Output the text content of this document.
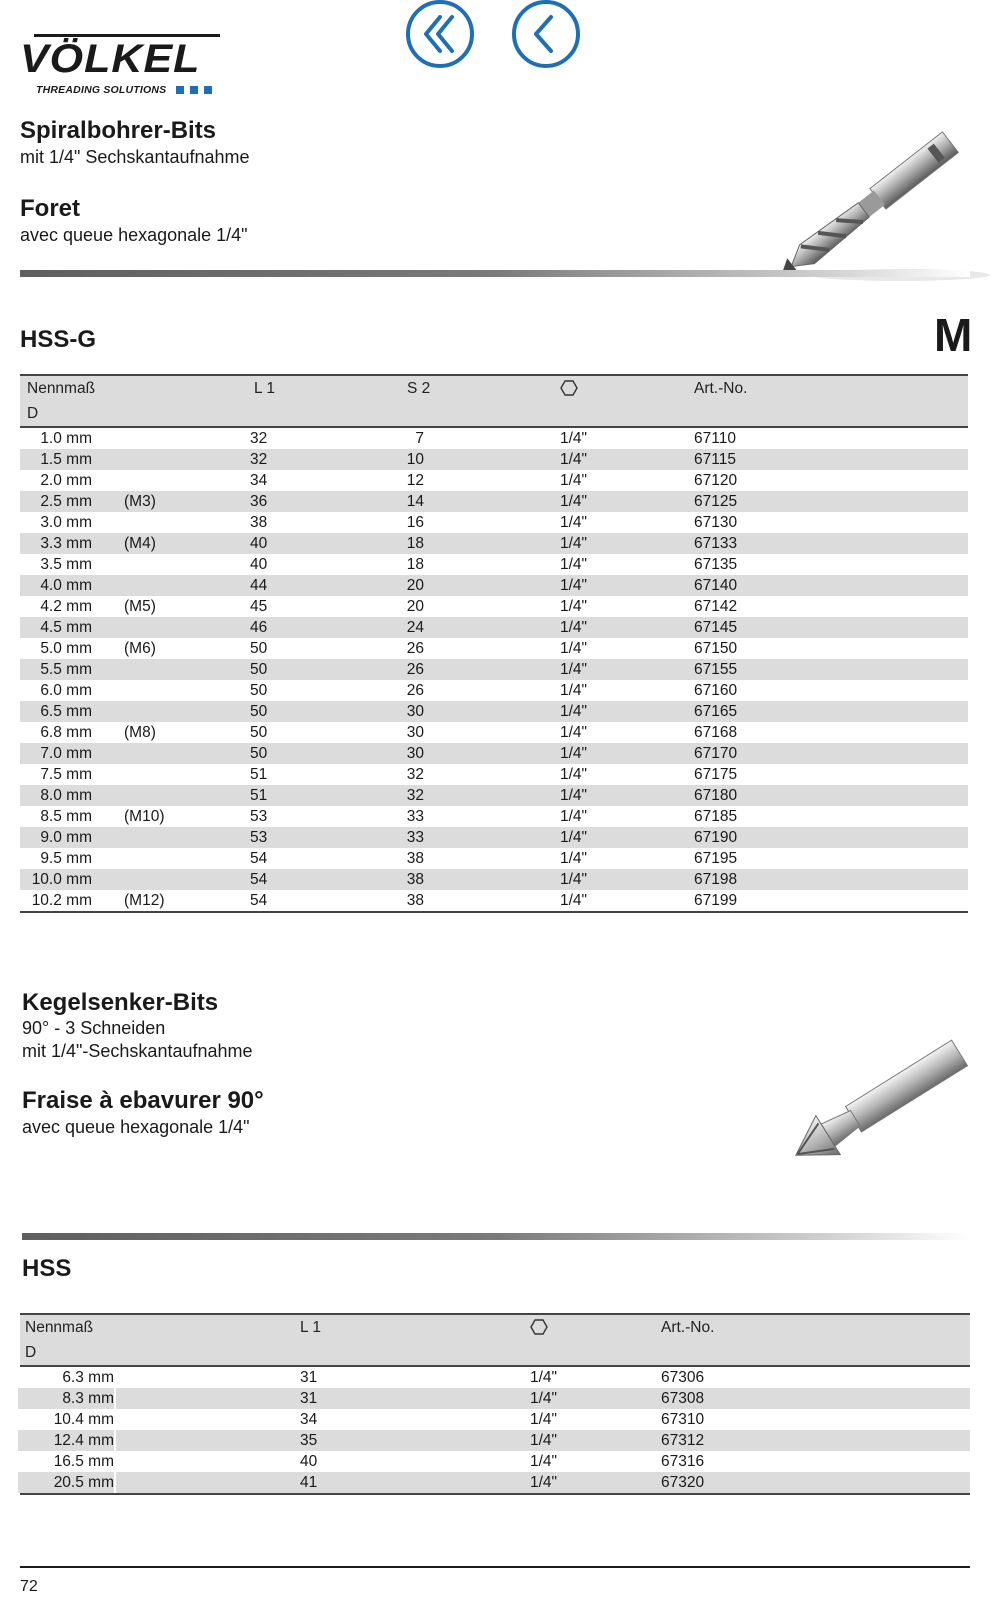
VÖLKEL
THREADING SOLUTIONS
Spiralbohrer-Bits
mit 1/4" Sechskantaufnahme
Foret
avec queue hexagonale 1/4"
HSS-G	M
Nennmaß		L 1	S 2		Art.-No.
D					
1.0 mm		32	7	1/4"	67110
1.5 mm		32	10	1/4"	67115
2.0 mm		34	12	1/4"	67120
2.5 mm	(M3)	36	14	1/4"	67125
3.0 mm		38	16	1/4"	67130
3.3 mm	(M4)	40	18	1/4"	67133
3.5 mm		40	18	1/4"	67135
4.0 mm		44	20	1/4"	67140
4.2 mm	(M5)	45	20	1/4"	67142
4.5 mm		46	24	1/4"	67145
5.0 mm	(M6)	50	26	1/4"	67150
5.5 mm		50	26	1/4"	67155
6.0 mm		50	26	1/4"	67160
6.5 mm		50	30	1/4"	67165
6.8 mm	(M8)	50	30	1/4"	67168
7.0 mm		50	30	1/4"	67170
7.5 mm		51	32	1/4"	67175
8.0 mm		51	32	1/4"	67180
8.5 mm	(M10)	53	33	1/4"	67185
9.0 mm		53	33	1/4"	67190
9.5 mm		54	38	1/4"	67195
10.0 mm		54	38	1/4"	67198
10.2 mm	(M12)	54	38	1/4"	67199
Kegelsenker-Bits
90° - 3 Schneiden
mit 1/4"-Sechskantaufnahme
Fraise à ebavurer 90°
avec queue hexagonale 1/4"
HSS
Nennmaß	L 1		Art.-No.
D
6.3 mm		31	1/4"	67306
8.3 mm		31	1/4"	67308
10.4 mm		34	1/4"	67310
12.4 mm		35	1/4"	67312
16.5 mm		40	1/4"	67316
20.5 mm		41	1/4"	67320
72
